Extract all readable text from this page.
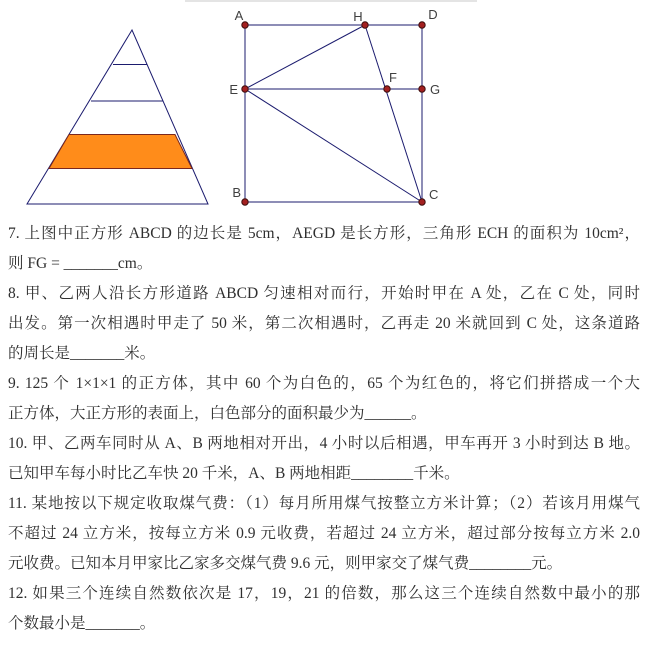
A	H	D
E
F
G
B	C
7. 上图中正方形 ABCD 的边长是 5cm，AEGD 是长方形，三角形 ECH 的面积为 10cm²，
则 FG = _______cm。
8. 甲、乙两人沿长方形道路 ABCD 匀速相对而行，开始时甲在 A 处，乙在 C 处，同时
出发。第一次相遇时甲走了 50 米，第二次相遇时，乙再走 20 米就回到 C 处，这条道路
的周长是_______米。
9. 125 个 1×1×1 的正方体，其中 60 个为白色的，65 个为红色的，将它们拼搭成一个大
正方体，大正方形的表面上，白色部分的面积最少为______。
10. 甲、乙两车同时从 A、B 两地相对开出，4 小时以后相遇，甲车再开 3 小时到达 B 地。
已知甲车每小时比乙车快 20 千米，A、B 两地相距________千米。
11. 某地按以下规定收取煤气费：（1）每月所用煤气按整立方米计算；（2）若该月用煤气
不超过 24 立方米，按每立方米 0.9 元收费，若超过 24 立方米，超过部分按每立方米 2.0
元收费。已知本月甲家比乙家多交煤气费 9.6 元，则甲家交了煤气费________元。
12. 如果三个连续自然数依次是 17，19，21 的倍数，那么这三个连续自然数中最小的那
个数最小是_______。
